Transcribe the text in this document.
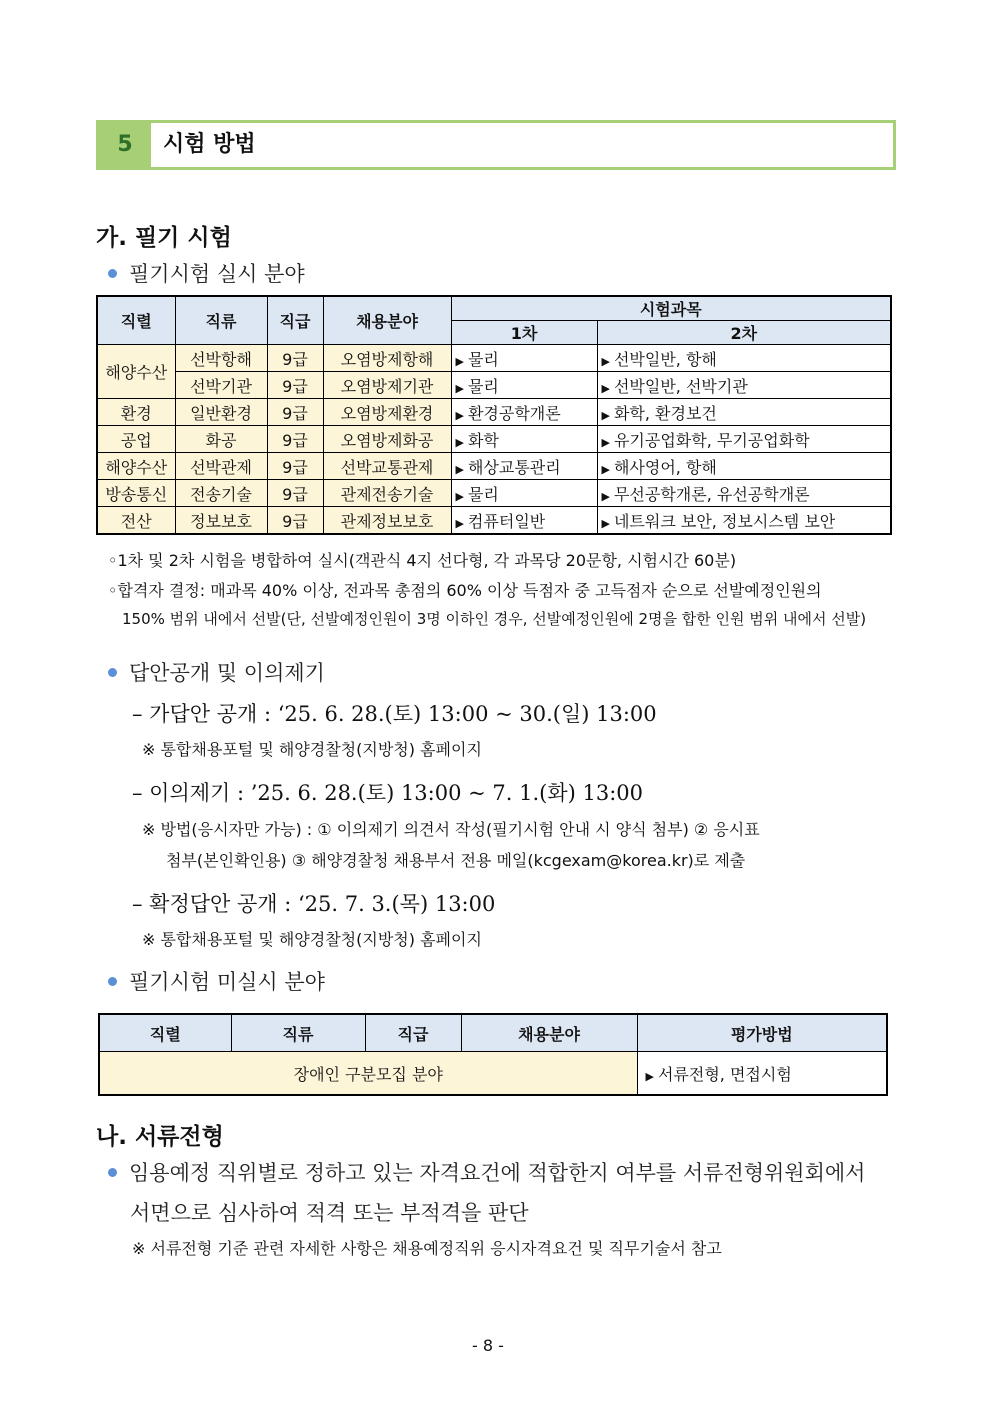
5	시험 방법
가. 필기 시험
필기시험 실시 분야
직렬	직류	직급	채용분야	시험과목	
				1차	2차
해양수산	선박항해	9급	오염방제항해	▶ 물리	▶ 선박일반, 항해
	선박기관	9급	오염방제기관	▶ 물리	▶ 선박일반, 선박기관
환경	일반환경	9급	오염방제환경	▶ 환경공학개론	▶ 화학, 환경보건
공업	화공	9급	오염방제화공	▶ 화학	▶ 유기공업화학, 무기공업화학
해양수산	선박관제	9급	선박교통관제	▶ 해상교통관리	▶ 해사영어, 항해
방송통신	전송기술	9급	관제전송기술	▶ 물리	▶ 무선공학개론, 유선공학개론
전산	정보보호	9급	관제정보보호	▶ 컴퓨터일반	▶ 네트워크 보안, 정보시스템 보안
◦1차 및 2차 시험을 병합하여 실시(객관식 4지 선다형, 각 과목당 20문항, 시험시간 60분)
◦합격자 결정: 매과목 40% 이상, 전과목 총점의 60% 이상 득점자 중 고득점자 순으로 선발예정인원의
150% 범위 내에서 선발(단, 선발예정인원이 3명 이하인 경우, 선발예정인원에 2명을 합한 인원 범위 내에서 선발)
답안공개 및 이의제기
– 가답안 공개 : ‘25. 6. 28.(토) 13:00 ~ 30.(일) 13:00
※ 통합채용포털 및 해양경찰청(지방청) 홈페이지
– 이의제기 : ’25. 6. 28.(토) 13:00 ~ 7. 1.(화) 13:00
※ 방법(응시자만 가능) : ① 이의제기 의견서 작성(필기시험 안내 시 양식 첨부) ② 응시표
첨부(본인확인용) ③ 해양경찰청 채용부서 전용 메일(kcgexam@korea.kr)로 제출
– 확정답안 공개 : ‘25. 7. 3.(목) 13:00
※ 통합채용포털 및 해양경찰청(지방청) 홈페이지
필기시험 미실시 분야
직렬	직류	직급	채용분야	평가방법
장애인 구분모집 분야				▶ 서류전형, 면접시험
나. 서류전형
임용예정 직위별로 정하고 있는 자격요건에 적합한지 여부를 서류전형위원회에서
서면으로 심사하여 적격 또는 부적격을 판단
※ 서류전형 기준 관련 자세한 사항은 채용예정직위 응시자격요건 및 직무기술서 참고
- 8 -
